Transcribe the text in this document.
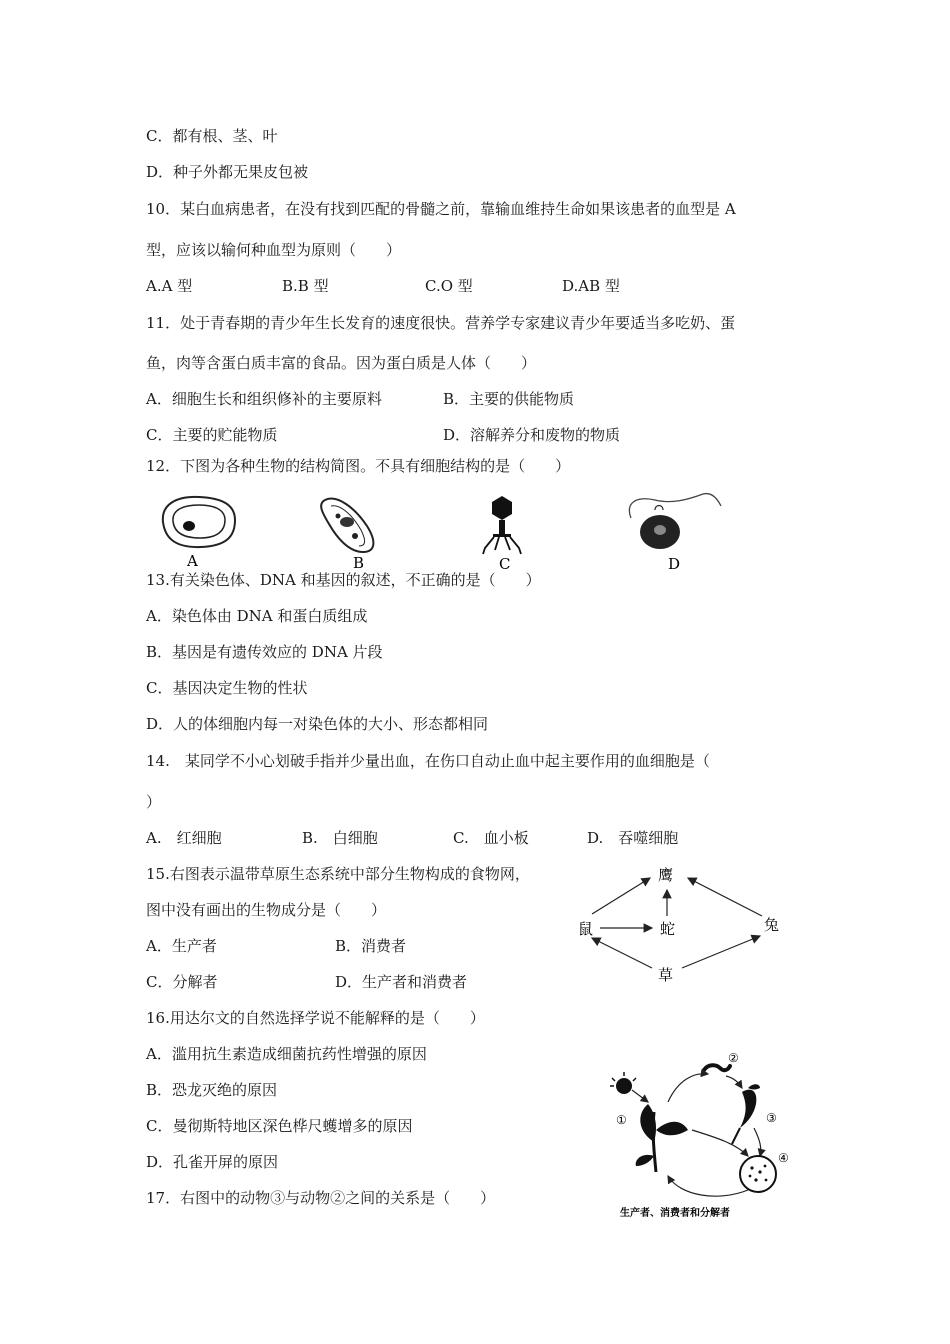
C．都有根、茎、叶
D．种子外都无果皮包被
10．某白血病患者，在没有找到匹配的骨髓之前，靠输血维持生命如果该患者的血型是 A
型，应该以输何种血型为原则（　　）
A.A 型	B.B 型	C.O 型	D.AB 型
11．处于青春期的青少年生长发育的速度很快。营养学专家建议青少年要适当多吃奶、蛋
鱼，肉等含蛋白质丰富的食品。因为蛋白质是人体（　　）
A．细胞生长和组织修补的主要原料	B．主要的供能物质
C．主要的贮能物质	D．溶解养分和废物的物质
12．下图为各种生物的结构简图。不具有细胞结构的是（　　）
A	B	C	D
13.有关染色体、DNA 和基因的叙述，不正确的是（　　）
A．染色体由 DNA 和蛋白质组成
B．基因是有遗传效应的 DNA 片段
C．基因决定生物的性状
D．人的体细胞内每一对染色体的大小、形态都相同
14.　某同学不小心划破手指并少量出血，在伤口自动止血中起主要作用的血细胞是（
）
A.　红细胞	B.　白细胞	C.　血小板	D.　吞噬细胞
15.右图表示温带草原生态系统中部分生物构成的食物网，
图中没有画出的生物成分是（　　）
A．生产者	B．消费者
C．分解者	D．生产者和消费者
鹰
鼠	蛇	兔
草
16.用达尔文的自然选择学说不能解释的是（　　）
A．滥用抗生素造成细菌抗药性增强的原因
B．恐龙灭绝的原因
C．曼彻斯特地区深色桦尺蠖增多的原因
D．孔雀开屏的原因
17．右图中的动物③与动物②之间的关系是（　　）
①
②
③
④
生产者、消费者和分解者
